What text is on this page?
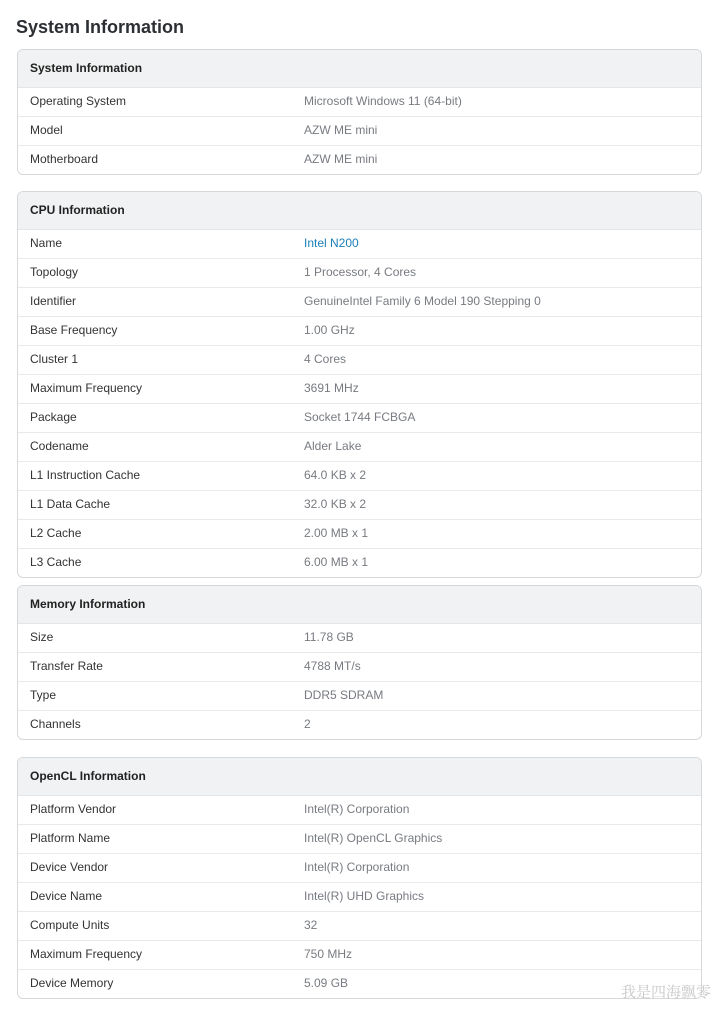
System Information
System Information
Operating System	Microsoft Windows 11 (64-bit)
Model	AZW ME mini
Motherboard	AZW ME mini
CPU Information
Name	Intel N200
Topology	1 Processor, 4 Cores
Identifier	GenuineIntel Family 6 Model 190 Stepping 0
Base Frequency	1.00 GHz
Cluster 1	4 Cores
Maximum Frequency	3691 MHz
Package	Socket 1744 FCBGA
Codename	Alder Lake
L1 Instruction Cache	64.0 KB x 2
L1 Data Cache	32.0 KB x 2
L2 Cache	2.00 MB x 1
L3 Cache	6.00 MB x 1
Memory Information
Size	11.78 GB
Transfer Rate	4788 MT/s
Type	DDR5 SDRAM
Channels	2
OpenCL Information
Platform Vendor	Intel(R) Corporation
Platform Name	Intel(R) OpenCL Graphics
Device Vendor	Intel(R) Corporation
Device Name	Intel(R) UHD Graphics
Compute Units	32
Maximum Frequency	750 MHz
Device Memory	5.09 GB	我是四海飘零
